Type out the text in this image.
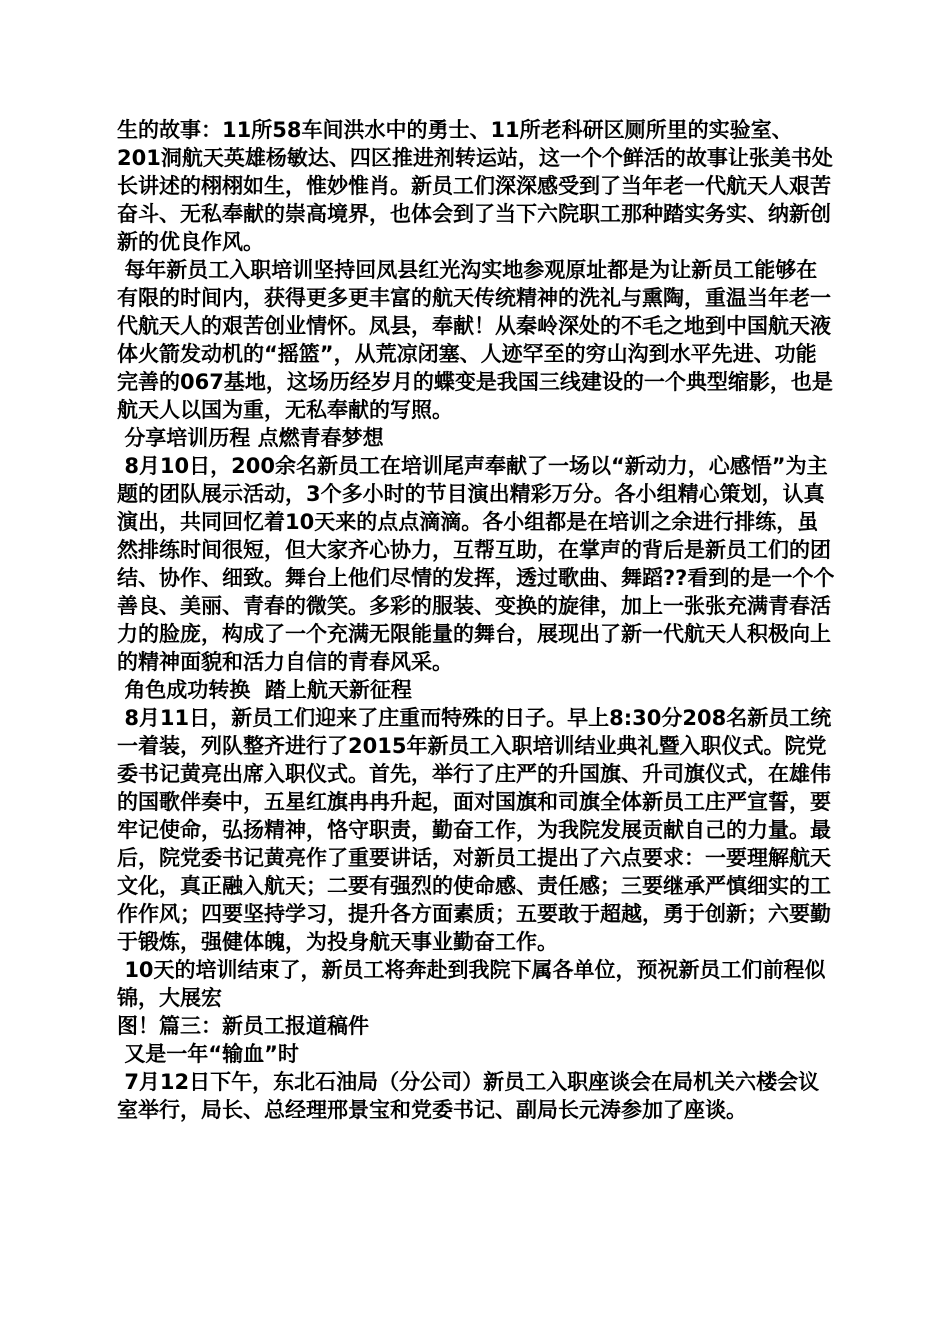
生的故事：11所58车间洪水中的勇士、11所老科研区厕所里的实验室、201洞航天英雄杨敏达、四区推进剂转运站，这一个个鲜活的故事让张美书处长讲述的栩栩如生，惟妙惟肖。新员工们深深感受到了当年老一代航天人艰苦奋斗、无私奉献的崇高境界，也体会到了当下六院职工那种踏实务实、纳新创新的优良作风。

每年新员工入职培训坚持回凤县红光沟实地参观原址都是为让新员工能够在有限的时间内，获得更多更丰富的航天传统精神的洗礼与熏陶，重温当年老一代航天人的艰苦创业情怀。凤县，奉献！从秦岭深处的不毛之地到中国航天液体火箭发动机的“摇篮”，从荒凉闭塞、人迹罕至的穷山沟到水平先进、功能完善的067基地，这场历经岁月的蝶变是我国三线建设的一个典型缩影，也是航天人以国为重，无私奉献的写照。

分享培训历程 点燃青春梦想

8月10日，200余名新员工在培训尾声奉献了一场以“新动力，心感悟”为主题的团队展示活动，3个多小时的节目演出精彩万分。各小组精心策划，认真演出，共同回忆着10天来的点点滴滴。各小组都是在培训之余进行排练，虽然排练时间很短，但大家齐心协力，互帮互助，在掌声的背后是新员工们的团结、协作、细致。舞台上他们尽情的发挥，透过歌曲、舞蹈??看到的是一个个善良、美丽、青春的微笑。多彩的服装、变换的旋律，加上一张张充满青春活力的脸庞，构成了一个充满无限能量的舞台，展现出了新一代航天人积极向上的精神面貌和活力自信的青春风采。

角色成功转换  踏上航天新征程

8月11日，新员工们迎来了庄重而特殊的日子。早上8:30分208名新员工统一着装，列队整齐进行了2015年新员工入职培训结业典礼暨入职仪式。院党委书记黄亮出席入职仪式。首先，举行了庄严的升国旗、升司旗仪式，在雄伟的国歌伴奏中，五星红旗冉冉升起，面对国旗和司旗全体新员工庄严宣誓，要牢记使命，弘扬精神，恪守职责，勤奋工作，为我院发展贡献自己的力量。最后，院党委书记黄亮作了重要讲话，对新员工提出了六点要求：一要理解航天文化，真正融入航天；二要有强烈的使命感、责任感；三要继承严慎细实的工作作风；四要坚持学习，提升各方面素质；五要敢于超越，勇于创新；六要勤于锻炼，强健体魄，为投身航天事业勤奋工作。

10天的培训结束了，新员工将奔赴到我院下属各单位，预祝新员工们前程似锦，大展宏

图！篇三：新员工报道稿件

又是一年“输血”时

7月12日下午，东北石油局（分公司）新员工入职座谈会在局机关六楼会议室举行，局长、总经理邢景宝和党委书记、副局长元涛参加了座谈。
